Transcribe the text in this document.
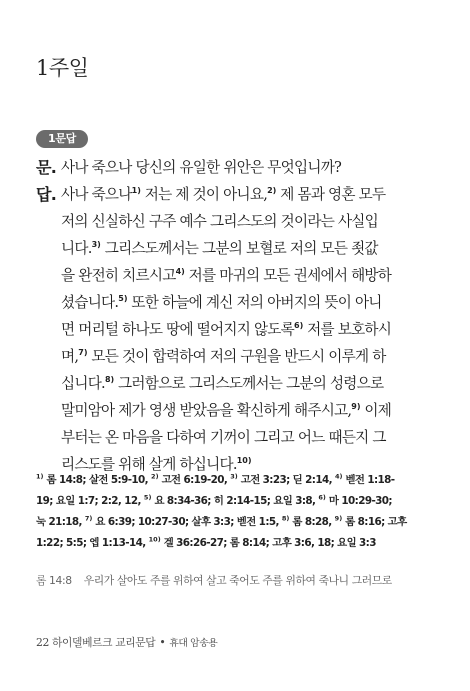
1주일
1문답
문. 사나 죽으나 당신의 유일한 위안은 무엇입니까?
답. 사나 죽으나$^{1)}$ 저는 제 것이 아니요,$^{2)}$ 제 몸과 영혼 모두
저의 신실하신 구주 예수 그리스도의 것이라는 사실입
니다.$^{3)}$ 그리스도께서는 그분의 보혈로 저의 모든 죗값
을 완전히 치르시고$^{4)}$ 저를 마귀의 모든 권세에서 해방하
셨습니다.$^{5)}$ 또한 하늘에 계신 저의 아버지의 뜻이 아니
면 머리털 하나도 땅에 떨어지지 않도록$^{6)}$ 저를 보호하시
며,$^{7)}$ 모든 것이 합력하여 저의 구원을 반드시 이루게 하
십니다.$^{8)}$ 그러함으로 그리스도께서는 그분의 성령으로
말미암아 제가 영생 받았음을 확신하게 해주시고,$^{9)}$ 이제
부터는 온 마음을 다하여 기꺼이 그리고 어느 때든지 그
리스도를 위해 살게 하십니다.$^{10)}$
$^{1)}$ 롬 14:8; 살전 5:9-10, $^{2)}$ 고전 6:19-20, $^{3)}$ 고전 3:23; 딛 2:14, $^{4)}$ 벧전 1:18-
19; 요일 1:7; 2:2, 12, $^{5)}$ 요 8:34-36; 히 2:14-15; 요일 3:8, $^{6)}$ 마 10:29-30;
눅 21:18, $^{7)}$ 요 6:39; 10:27-30; 살후 3:3; 벧전 1:5, $^{8)}$ 롬 8:28, $^{9)}$ 롬 8:16; 고후
1:22; 5:5; 엡 1:13-14, $^{10)}$ 겔 36:26-27; 롬 8:14; 고후 3:6, 18; 요일 3:3
롬 14:8 우리가 살아도 주를 위하여 살고 죽어도 주를 위하여 죽나니 그러므로
22 하이델베르크 교리문답 • 휴대 암송용
